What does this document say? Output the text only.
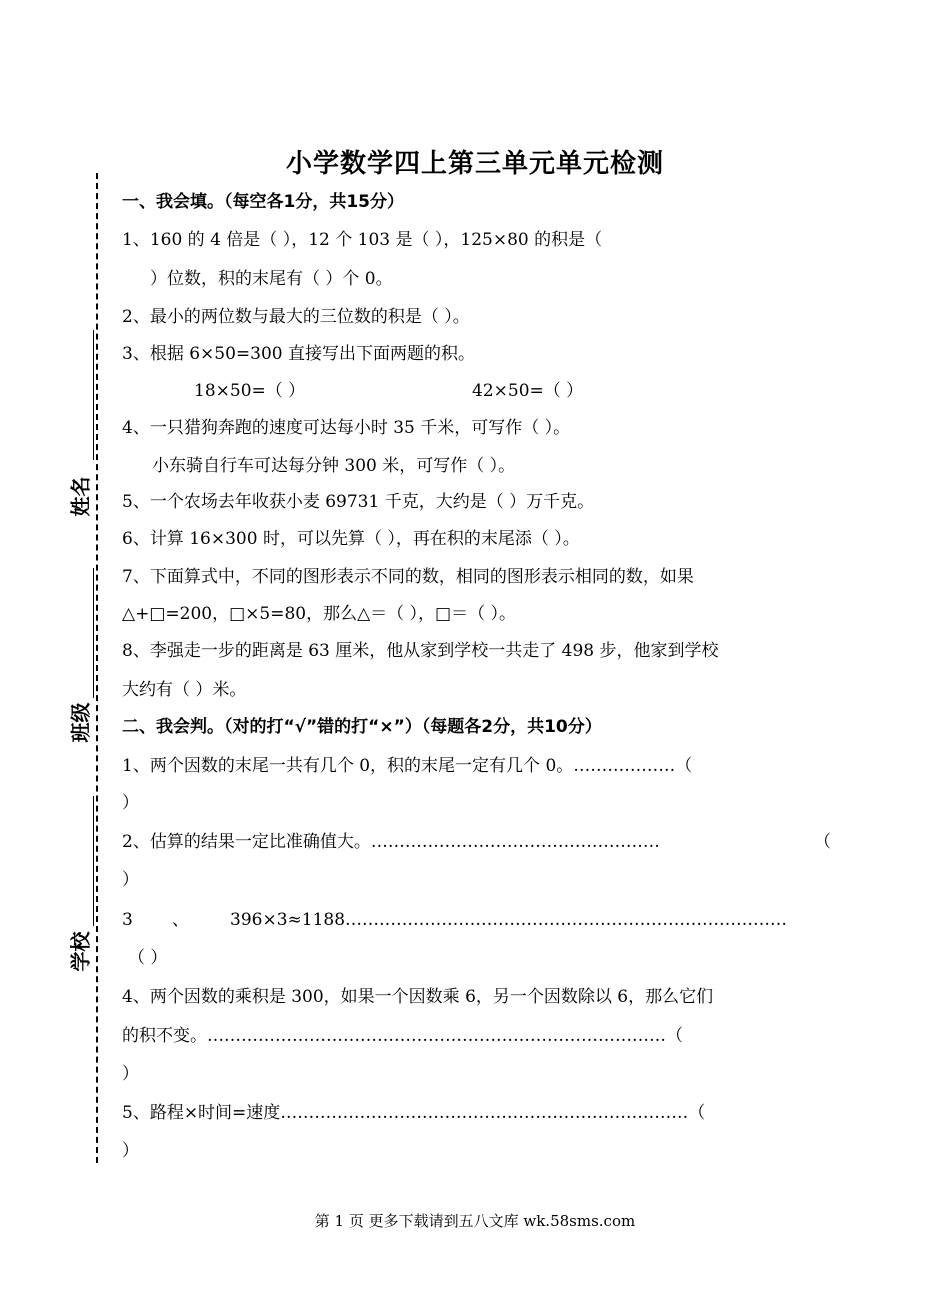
姓名
班级
学校
小学数学四上第三单元单元检测
一、我会填。（每空各1分，共15分）
1、160 的 4 倍是（ ），12 个 103 是（ ），125×80 的积是（
）位数，积的末尾有（ ）个 0。
2、最小的两位数与最大的三位数的积是（ ）。
3、根据 6×50=300 直接写出下面两题的积。
18×50=（ ）	42×50=（ ）
4、一只猎狗奔跑的速度可达每小时 35 千米，可写作（ ）。
小东骑自行车可达每分钟 300 米，可写作（ ）。
5、一个农场去年收获小麦 69731 千克，大约是（ ）万千克。
6、计算 16×300 时，可以先算（ ），再在积的末尾添（ ）。
7、下面算式中，不同的图形表示不同的数，相同的图形表示相同的数，如果
△+□=200，□×5=80，那么△＝（ ），□＝（ ）。
8、李强走一步的距离是 63 厘米，他从家到学校一共走了 498 步，他家到学校
大约有（ ）米。
二、我会判。（对的打“√”错的打“×”）（每题各2分，共10分）
1、两个因数的末尾一共有几个 0，积的末尾一定有几个 0。………………（
）
2、估算的结果一定比准确值大。……………………………………………	（
）
3 、 396×3≈1188……………………………………………………………………
（ ）
4、两个因数的乘积是 300，如果一个因数乘 6，另一个因数除以 6，那么它们
的积不变。………………………………………………………………………（
）
5、路程×时间=速度………………………………………………………………（
）
第 1 页 更多下载请到五八文库 wk.58sms.com
